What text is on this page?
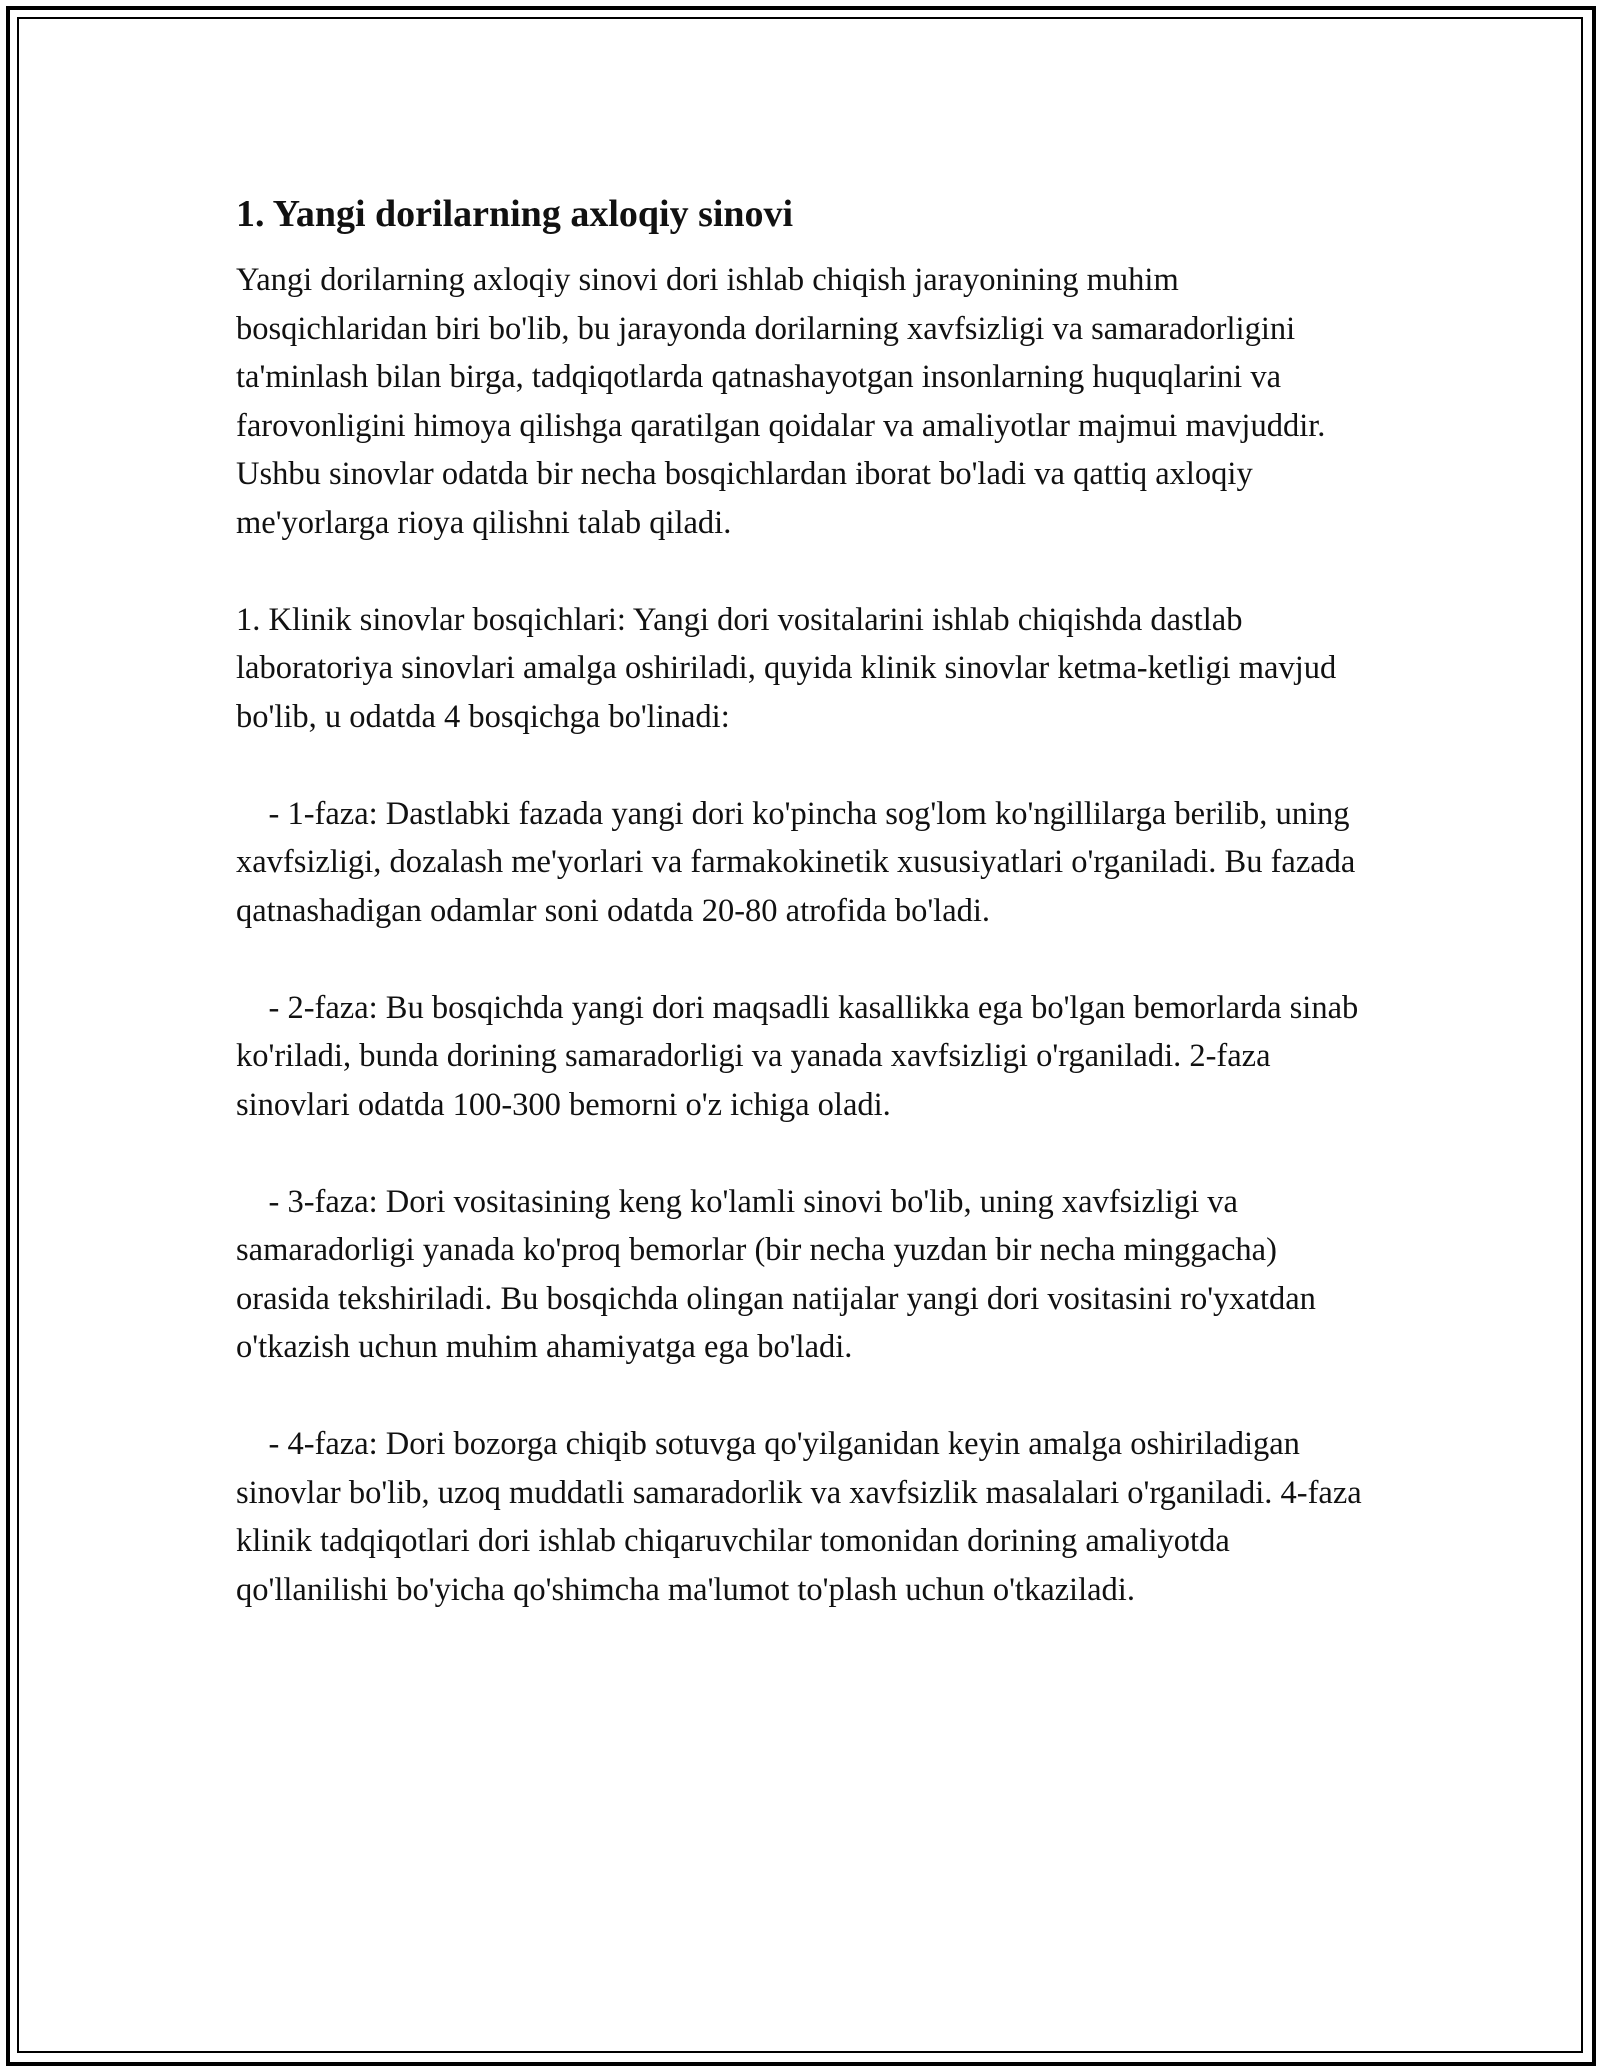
1. Yangi dorilarning axloqiy sinovi

Yangi dorilarning axloqiy sinovi dori ishlab chiqish jarayonining muhim bosqichlaridan biri bo'lib, bu jarayonda dorilarning xavfsizligi va samaradorligini ta'minlash bilan birga, tadqiqotlarda qatnashayotgan insonlarning huquqlarini va farovonligini himoya qilishga qaratilgan qoidalar va amaliyotlar majmui mavjuddir. Ushbu sinovlar odatda bir necha bosqichlardan iborat bo'ladi va qattiq axloqiy me'yorlarga rioya qilishni talab qiladi.

1. Klinik sinovlar bosqichlari: Yangi dori vositalarini ishlab chiqishda dastlab laboratoriya sinovlari amalga oshiriladi, quyida klinik sinovlar ketma-ketligi mavjud bo'lib, u odatda 4 bosqichga bo'linadi:

- 1-faza: Dastlabki fazada yangi dori ko'pincha sog'lom ko'ngillilarga berilib, uning xavfsizligi, dozalash me'yorlari va farmakokinetik xususiyatlari o'rganiladi. Bu fazada qatnashadigan odamlar soni odatda 20-80 atrofida bo'ladi.

- 2-faza: Bu bosqichda yangi dori maqsadli kasallikka ega bo'lgan bemorlarda sinab ko'riladi, bunda dorining samaradorligi va yanada xavfsizligi o'rganiladi. 2-faza sinovlari odatda 100-300 bemorni o'z ichiga oladi.

- 3-faza: Dori vositasining keng ko'lamli sinovi bo'lib, uning xavfsizligi va samaradorligi yanada ko'proq bemorlar (bir necha yuzdan bir necha minggacha) orasida tekshiriladi. Bu bosqichda olingan natijalar yangi dori vositasini ro'yxatdan o'tkazish uchun muhim ahamiyatga ega bo'ladi.

- 4-faza: Dori bozorga chiqib sotuvga qo'yilganidan keyin amalga oshiriladigan sinovlar bo'lib, uzoq muddatli samaradorlik va xavfsizlik masalalari o'rganiladi. 4-faza klinik tadqiqotlari dori ishlab chiqaruvchilar tomonidan dorining amaliyotda qo'llanilishi bo'yicha qo'shimcha ma'lumot to'plash uchun o'tkaziladi.
